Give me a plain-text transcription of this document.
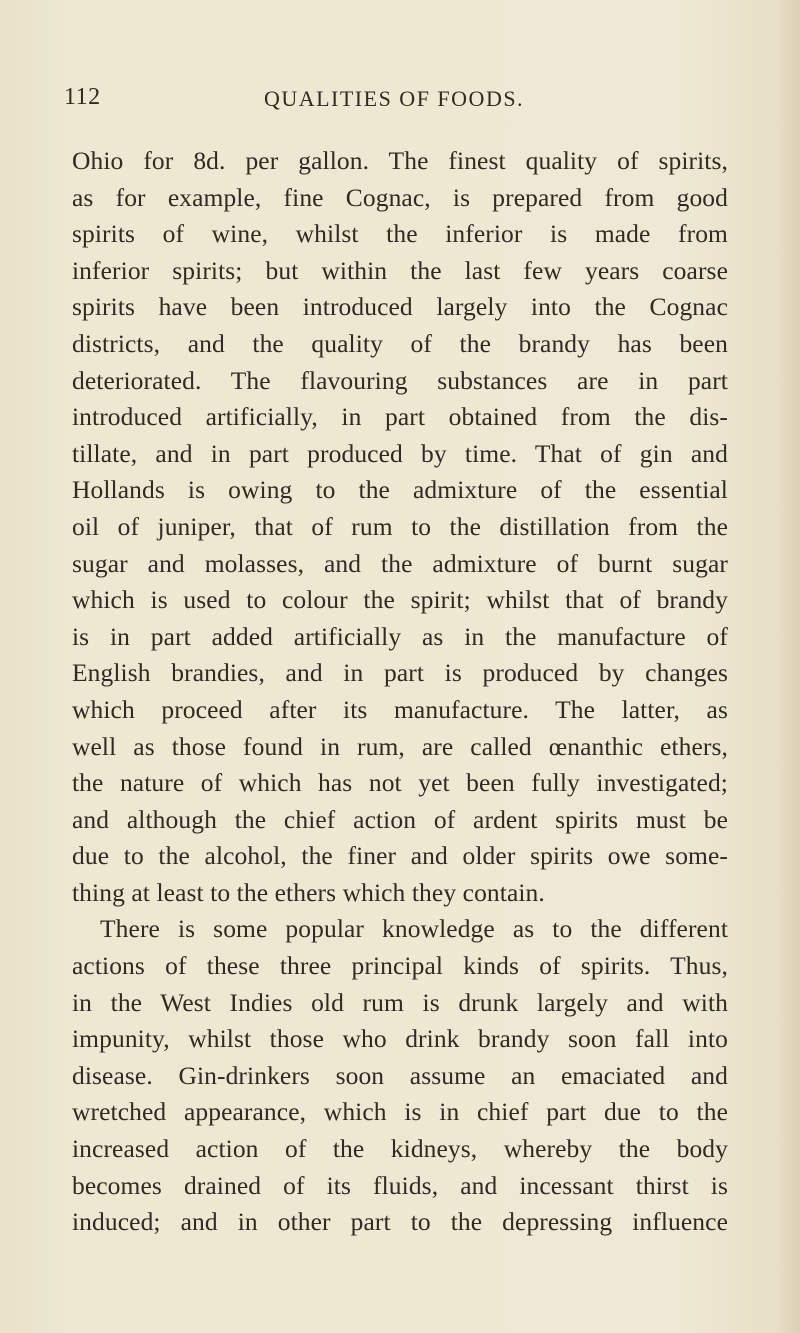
112	QUALITIES OF FOODS.
Ohio for 8d. per gallon. The finest quality of spirits,
as for example, fine Cognac, is prepared from good
spirits of wine, whilst the inferior is made from
inferior spirits; but within the last few years coarse
spirits have been introduced largely into the Cognac
districts, and the quality of the brandy has been
deteriorated. The flavouring substances are in part
introduced artificially, in part obtained from the dis-
tillate, and in part produced by time. That of gin and
Hollands is owing to the admixture of the essential
oil of juniper, that of rum to the distillation from the
sugar and molasses, and the admixture of burnt sugar
which is used to colour the spirit; whilst that of brandy
is in part added artificially as in the manufacture of
English brandies, and in part is produced by changes
which proceed after its manufacture. The latter, as
well as those found in rum, are called œnanthic ethers,
the nature of which has not yet been fully investigated;
and although the chief action of ardent spirits must be
due to the alcohol, the finer and older spirits owe some-
thing at least to the ethers which they contain.
There is some popular knowledge as to the different
actions of these three principal kinds of spirits. Thus,
in the West Indies old rum is drunk largely and with
impunity, whilst those who drink brandy soon fall into
disease. Gin-drinkers soon assume an emaciated and
wretched appearance, which is in chief part due to the
increased action of the kidneys, whereby the body
becomes drained of its fluids, and incessant thirst is
induced; and in other part to the depressing influence
